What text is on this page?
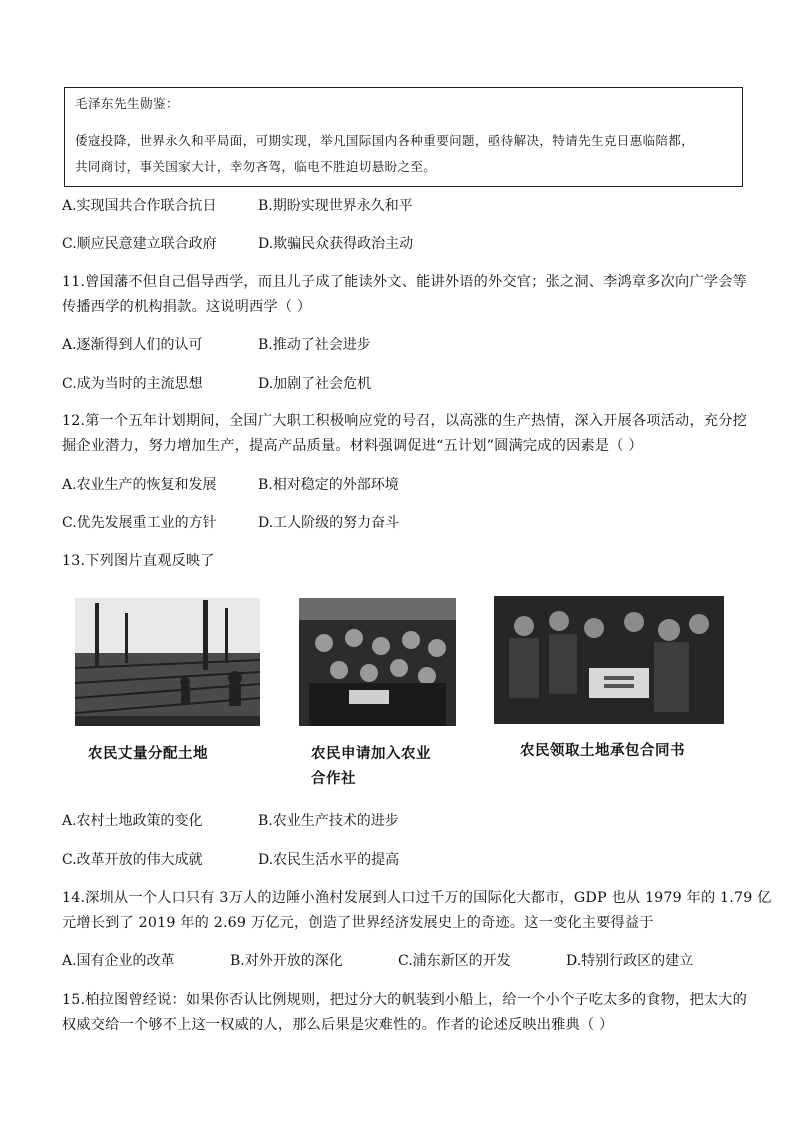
毛泽东先生勋鉴：
倭寇投降，世界永久和平局面，可期实现，举凡国际国内各种重要问题，亟待解决，特请先生克日惠临陪都，
共同商讨，事关国家大计，幸勿吝驾，临电不胜迫切悬盼之至。
A.实现国共合作联合抗日	B.期盼实现世界永久和平
C.顺应民意建立联合政府	D.欺骗民众获得政治主动
11.曾国藩不但自己倡导西学，而且儿子成了能读外文、能讲外语的外交官；张之洞、李鸿章多次向广学会等
传播西学的机构捐款。这说明西学（ ）
A.逐渐得到人们的认可	B.推动了社会进步
C.成为当时的主流思想	D.加剧了社会危机
12.第一个五年计划期间，全国广大职工积极响应党的号召，以高涨的生产热情，深入开展各项活动，充分挖
掘企业潜力，努力增加生产，提高产品质量。材料强调促进“五计划”圆满完成的因素是（ ）
A.农业生产的恢复和发展	B.相对稳定的外部环境
C.优先发展重工业的方针	D.工人阶级的努力奋斗
13.下列图片直观反映了
农民丈量分配土地	农民申请加入农业
合作社
农民领取土地承包合同书
A.农村土地政策的变化	B.农业生产技术的进步
C.改革开放的伟大成就	D.农民生活水平的提高
14.深圳从一个人口只有 3万人的边陲小渔村发展到人口过千万的国际化大都市，GDP 也从 1979 年的 1.79 亿
元增长到了 2019 年的 2.69 万亿元，创造了世界经济发展史上的奇迹。这一变化主要得益于
A.国有企业的改革	B.对外开放的深化	C.浦东新区的开发	D.特别行政区的建立
15.柏拉图曾经说：如果你否认比例规则，把过分大的帆装到小船上，给一个小个子吃太多的食物，把太大的
权威交给一个够不上这一权威的人，那么后果是灾难性的。作者的论述反映出雅典（ ）
